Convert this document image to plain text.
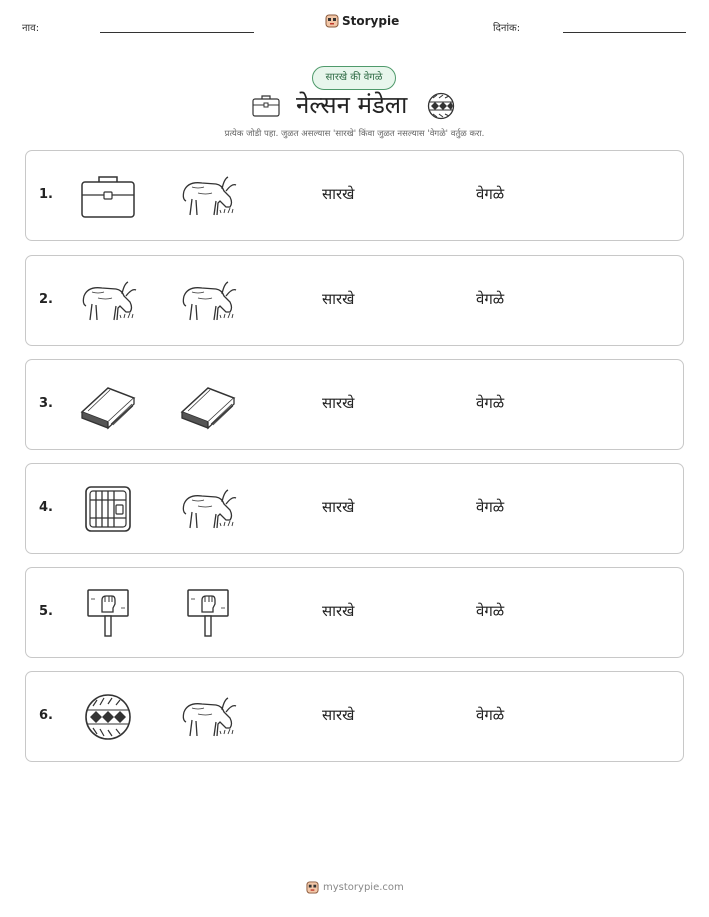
नाव:
Storypie
दिनांक:
सारखे की वेगळे
नेल्सन मंडेला
प्रत्येक जोडी पहा. जुळत असल्यास 'सारखे' किंवा जुळत नसल्यास 'वेगळे' वर्तुळ करा.
1.	सारखे	वेगळे
2.	सारखे	वेगळे
3.	सारखे	वेगळे
4.	सारखे	वेगळे
5.	सारखे	वेगळे
6.	सारखे	वेगळे
mystorypie.com
